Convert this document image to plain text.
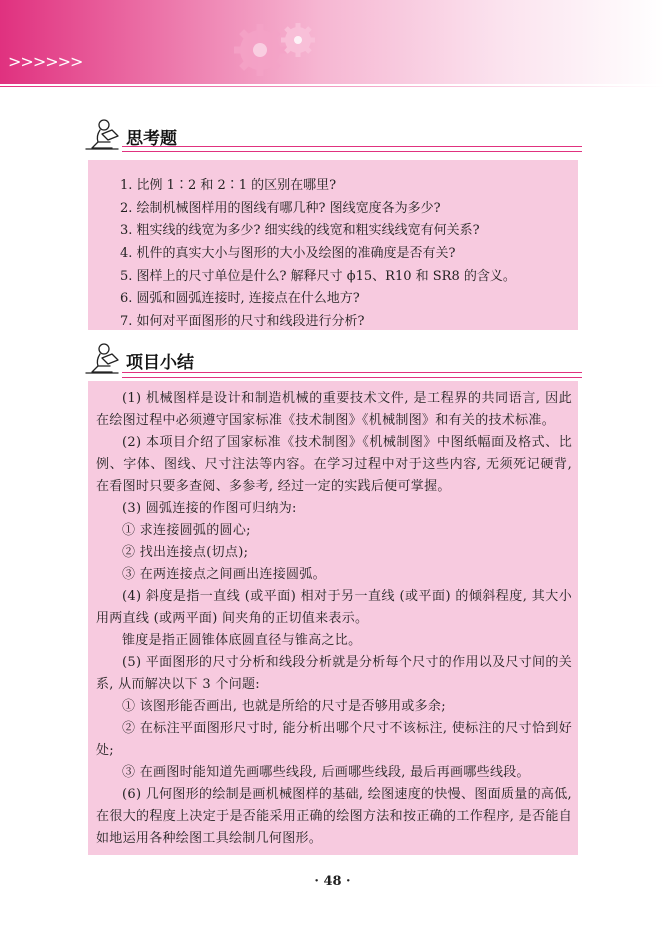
>>>>>>
思考题
1. 比例 1∶2 和 2∶1 的区别在哪里?
2. 绘制机械图样用的图线有哪几种? 图线宽度各为多少?
3. 粗实线的线宽为多少? 细实线的线宽和粗实线线宽有何关系?
4. 机件的真实大小与图形的大小及绘图的准确度是否有关?
5. 图样上的尺寸单位是什么? 解释尺寸 ϕ15、R10 和 SR8 的含义。
6. 圆弧和圆弧连接时, 连接点在什么地方?
7. 如何对平面图形的尺寸和线段进行分析?
项目小结

(1) 机械图样是设计和制造机械的重要技术文件, 是工程界的共同语言, 因此在绘图过程中必须遵守国家标准《技术制图》《机械制图》和有关的技术标准。

(2) 本项目介绍了国家标准《技术制图》《机械制图》中图纸幅面及格式、比例、字体、图线、尺寸注法等内容。在学习过程中对于这些内容, 无须死记硬背, 在看图时只要多查阅、多参考, 经过一定的实践后便可掌握。

(3) 圆弧连接的作图可归纳为:

① 求连接圆弧的圆心;

② 找出连接点(切点);

③ 在两连接点之间画出连接圆弧。

(4) 斜度是指一直线 (或平面) 相对于另一直线 (或平面) 的倾斜程度, 其大小用两直线 (或两平面) 间夹角的正切值来表示。

锥度是指正圆锥体底圆直径与锥高之比。

(5) 平面图形的尺寸分析和线段分析就是分析每个尺寸的作用以及尺寸间的关系, 从而解决以下 3 个问题:

① 该图形能否画出, 也就是所给的尺寸是否够用或多余;

② 在标注平面图形尺寸时, 能分析出哪个尺寸不该标注, 使标注的尺寸恰到好处;

③ 在画图时能知道先画哪些线段, 后画哪些线段, 最后再画哪些线段。

(6) 几何图形的绘制是画机械图样的基础, 绘图速度的快慢、图面质量的高低, 在很大的程度上决定于是否能采用正确的绘图方法和按正确的工作程序, 是否能自如地运用各种绘图工具绘制几何图形。

· 48 ·
